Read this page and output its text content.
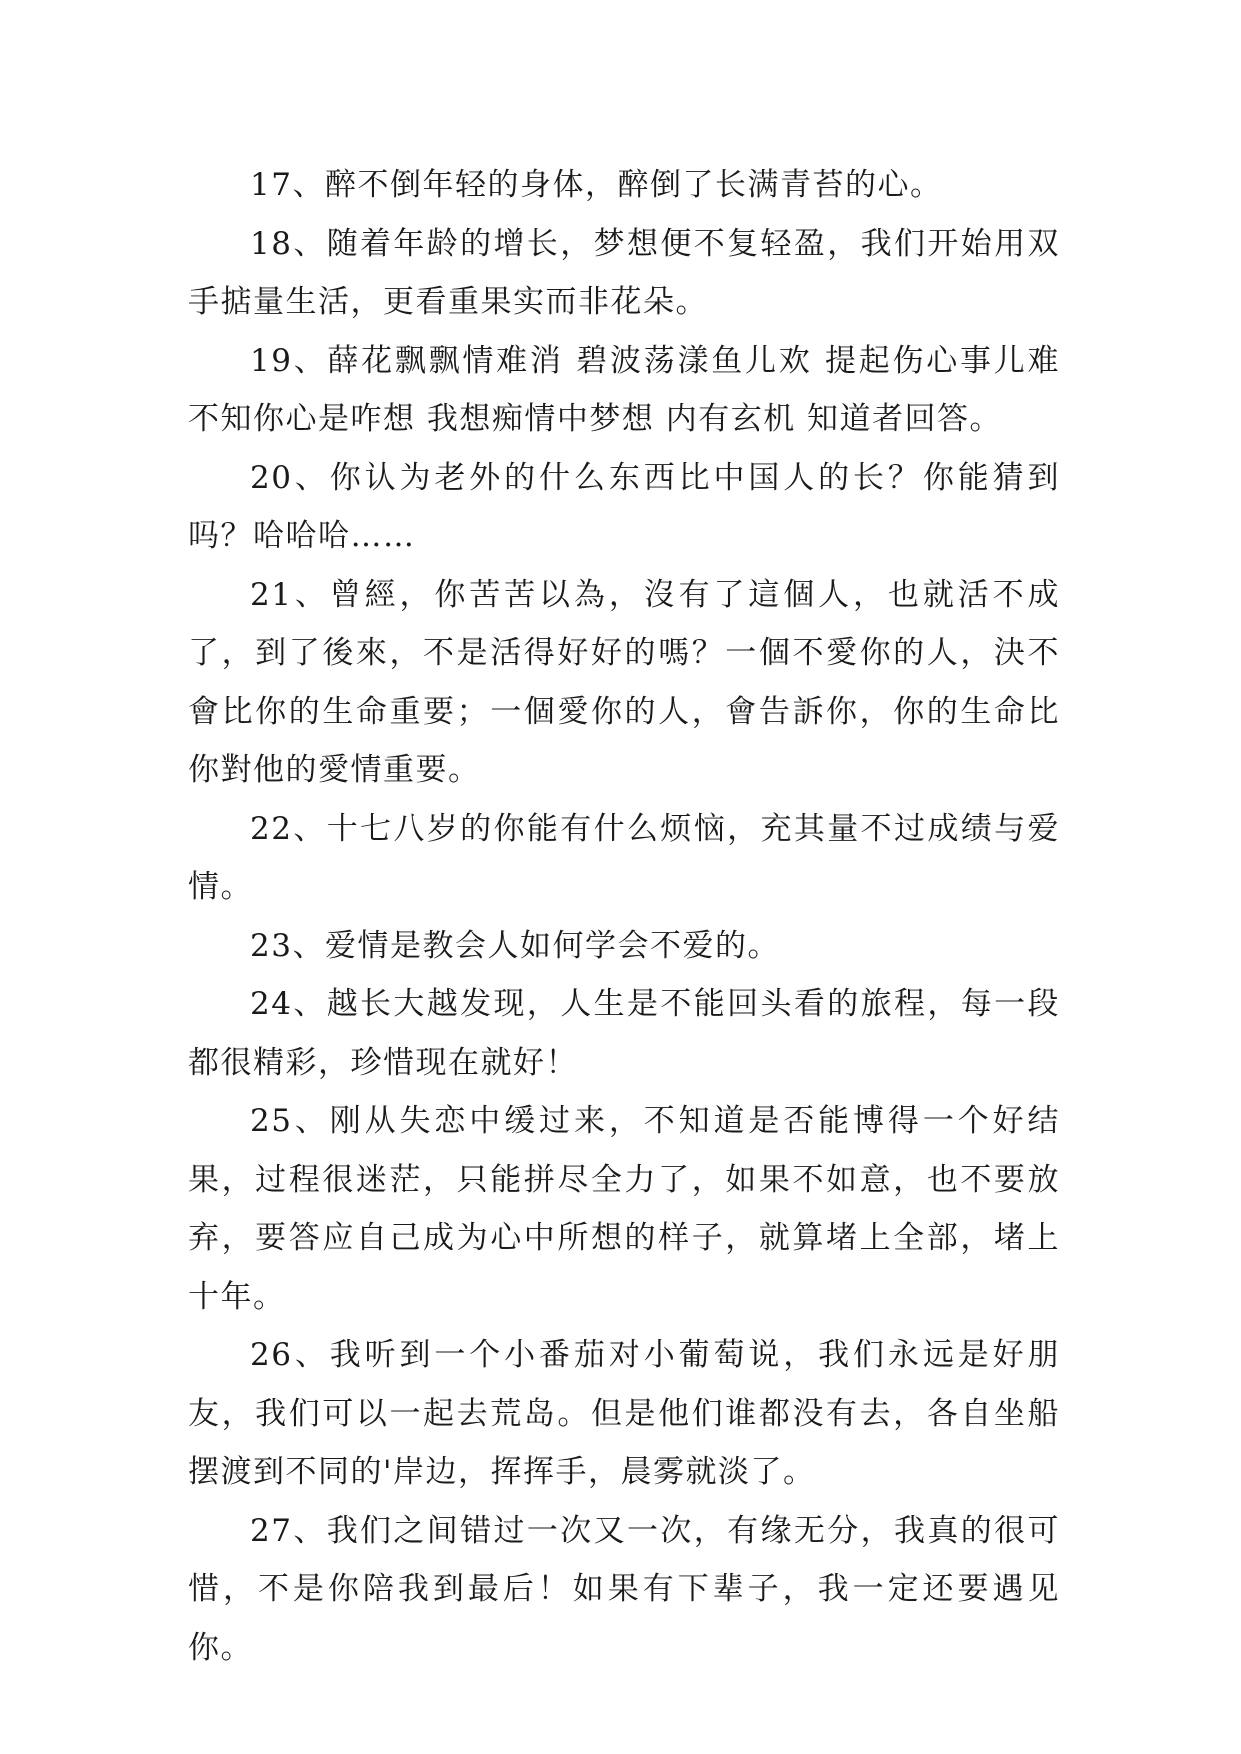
17、醉不倒年轻的身体，醉倒了长满青苔的心。

18、随着年龄的增长，梦想便不复轻盈，我们开始用双手掂量生活，更看重果实而非花朵。

19、薛花飘飘情难消 碧波荡漾鱼儿欢 提起伤心事儿难不知你心是咋想 我想痴情中梦想 内有玄机 知道者回答。

20、你认为老外的什么东西比中国人的长？你能猜到吗？哈哈哈……

21、曾經，你苦苦以為，沒有了這個人，也就活不成了，到了後來，不是活得好好的嗎？一個不愛你的人，決不會比你的生命重要；一個愛你的人，會告訴你，你的生命比你對他的愛情重要。

22、十七八岁的你能有什么烦恼，充其量不过成绩与爱情。

23、爱情是教会人如何学会不爱的。

24、越长大越发现，人生是不能回头看的旅程，每一段都很精彩，珍惜现在就好！

25、刚从失恋中缓过来，不知道是否能博得一个好结果，过程很迷茫，只能拼尽全力了，如果不如意，也不要放弃，要答应自己成为心中所想的样子，就算堵上全部，堵上十年。

26、我听到一个小番茄对小葡萄说，我们永远是好朋友，我们可以一起去荒岛。但是他们谁都没有去，各自坐船摆渡到不同的'岸边，挥挥手，晨雾就淡了。

27、我们之间错过一次又一次，有缘无分，我真的很可惜，不是你陪我到最后！如果有下辈子，我一定还要遇见你。
